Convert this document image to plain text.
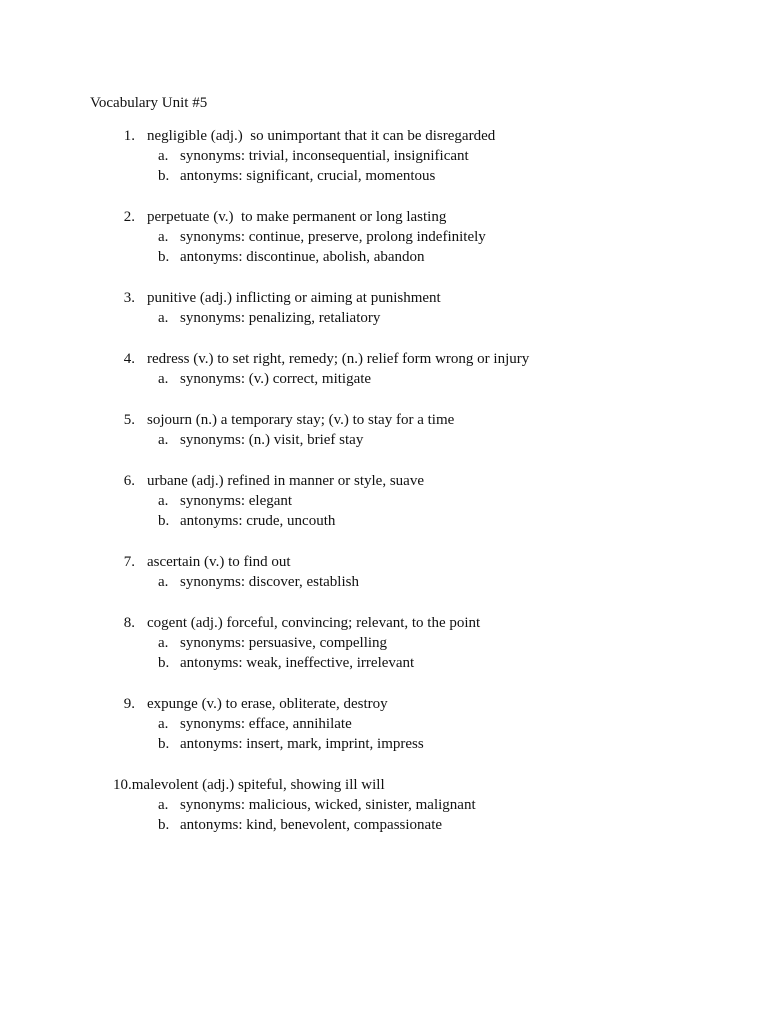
Vocabulary Unit #5
1. negligible (adj.)  so unimportant that it can be disregarded
a. synonyms: trivial, inconsequential, insignificant
b. antonyms: significant, crucial, momentous
2. perpetuate (v.)  to make permanent or long lasting
a. synonyms: continue, preserve, prolong indefinitely
b. antonyms: discontinue, abolish, abandon
3. punitive (adj.) inflicting or aiming at punishment
a. synonyms: penalizing, retaliatory
4. redress (v.) to set right, remedy; (n.) relief form wrong or injury
a. synonyms: (v.) correct, mitigate
5. sojourn (n.) a temporary stay; (v.) to stay for a time
a. synonyms: (n.) visit, brief stay
6. urbane (adj.) refined in manner or style, suave
a. synonyms: elegant
b. antonyms: crude, uncouth
7. ascertain (v.) to find out
a. synonyms: discover, establish
8. cogent (adj.) forceful, convincing; relevant, to the point
a. synonyms: persuasive, compelling
b. antonyms: weak, ineffective, irrelevant
9. expunge (v.) to erase, obliterate, destroy
a. synonyms: efface, annihilate
b. antonyms: insert, mark, imprint, impress
10. malevolent (adj.) spiteful, showing ill will
a. synonyms: malicious, wicked, sinister, malignant
b. antonyms: kind, benevolent, compassionate
